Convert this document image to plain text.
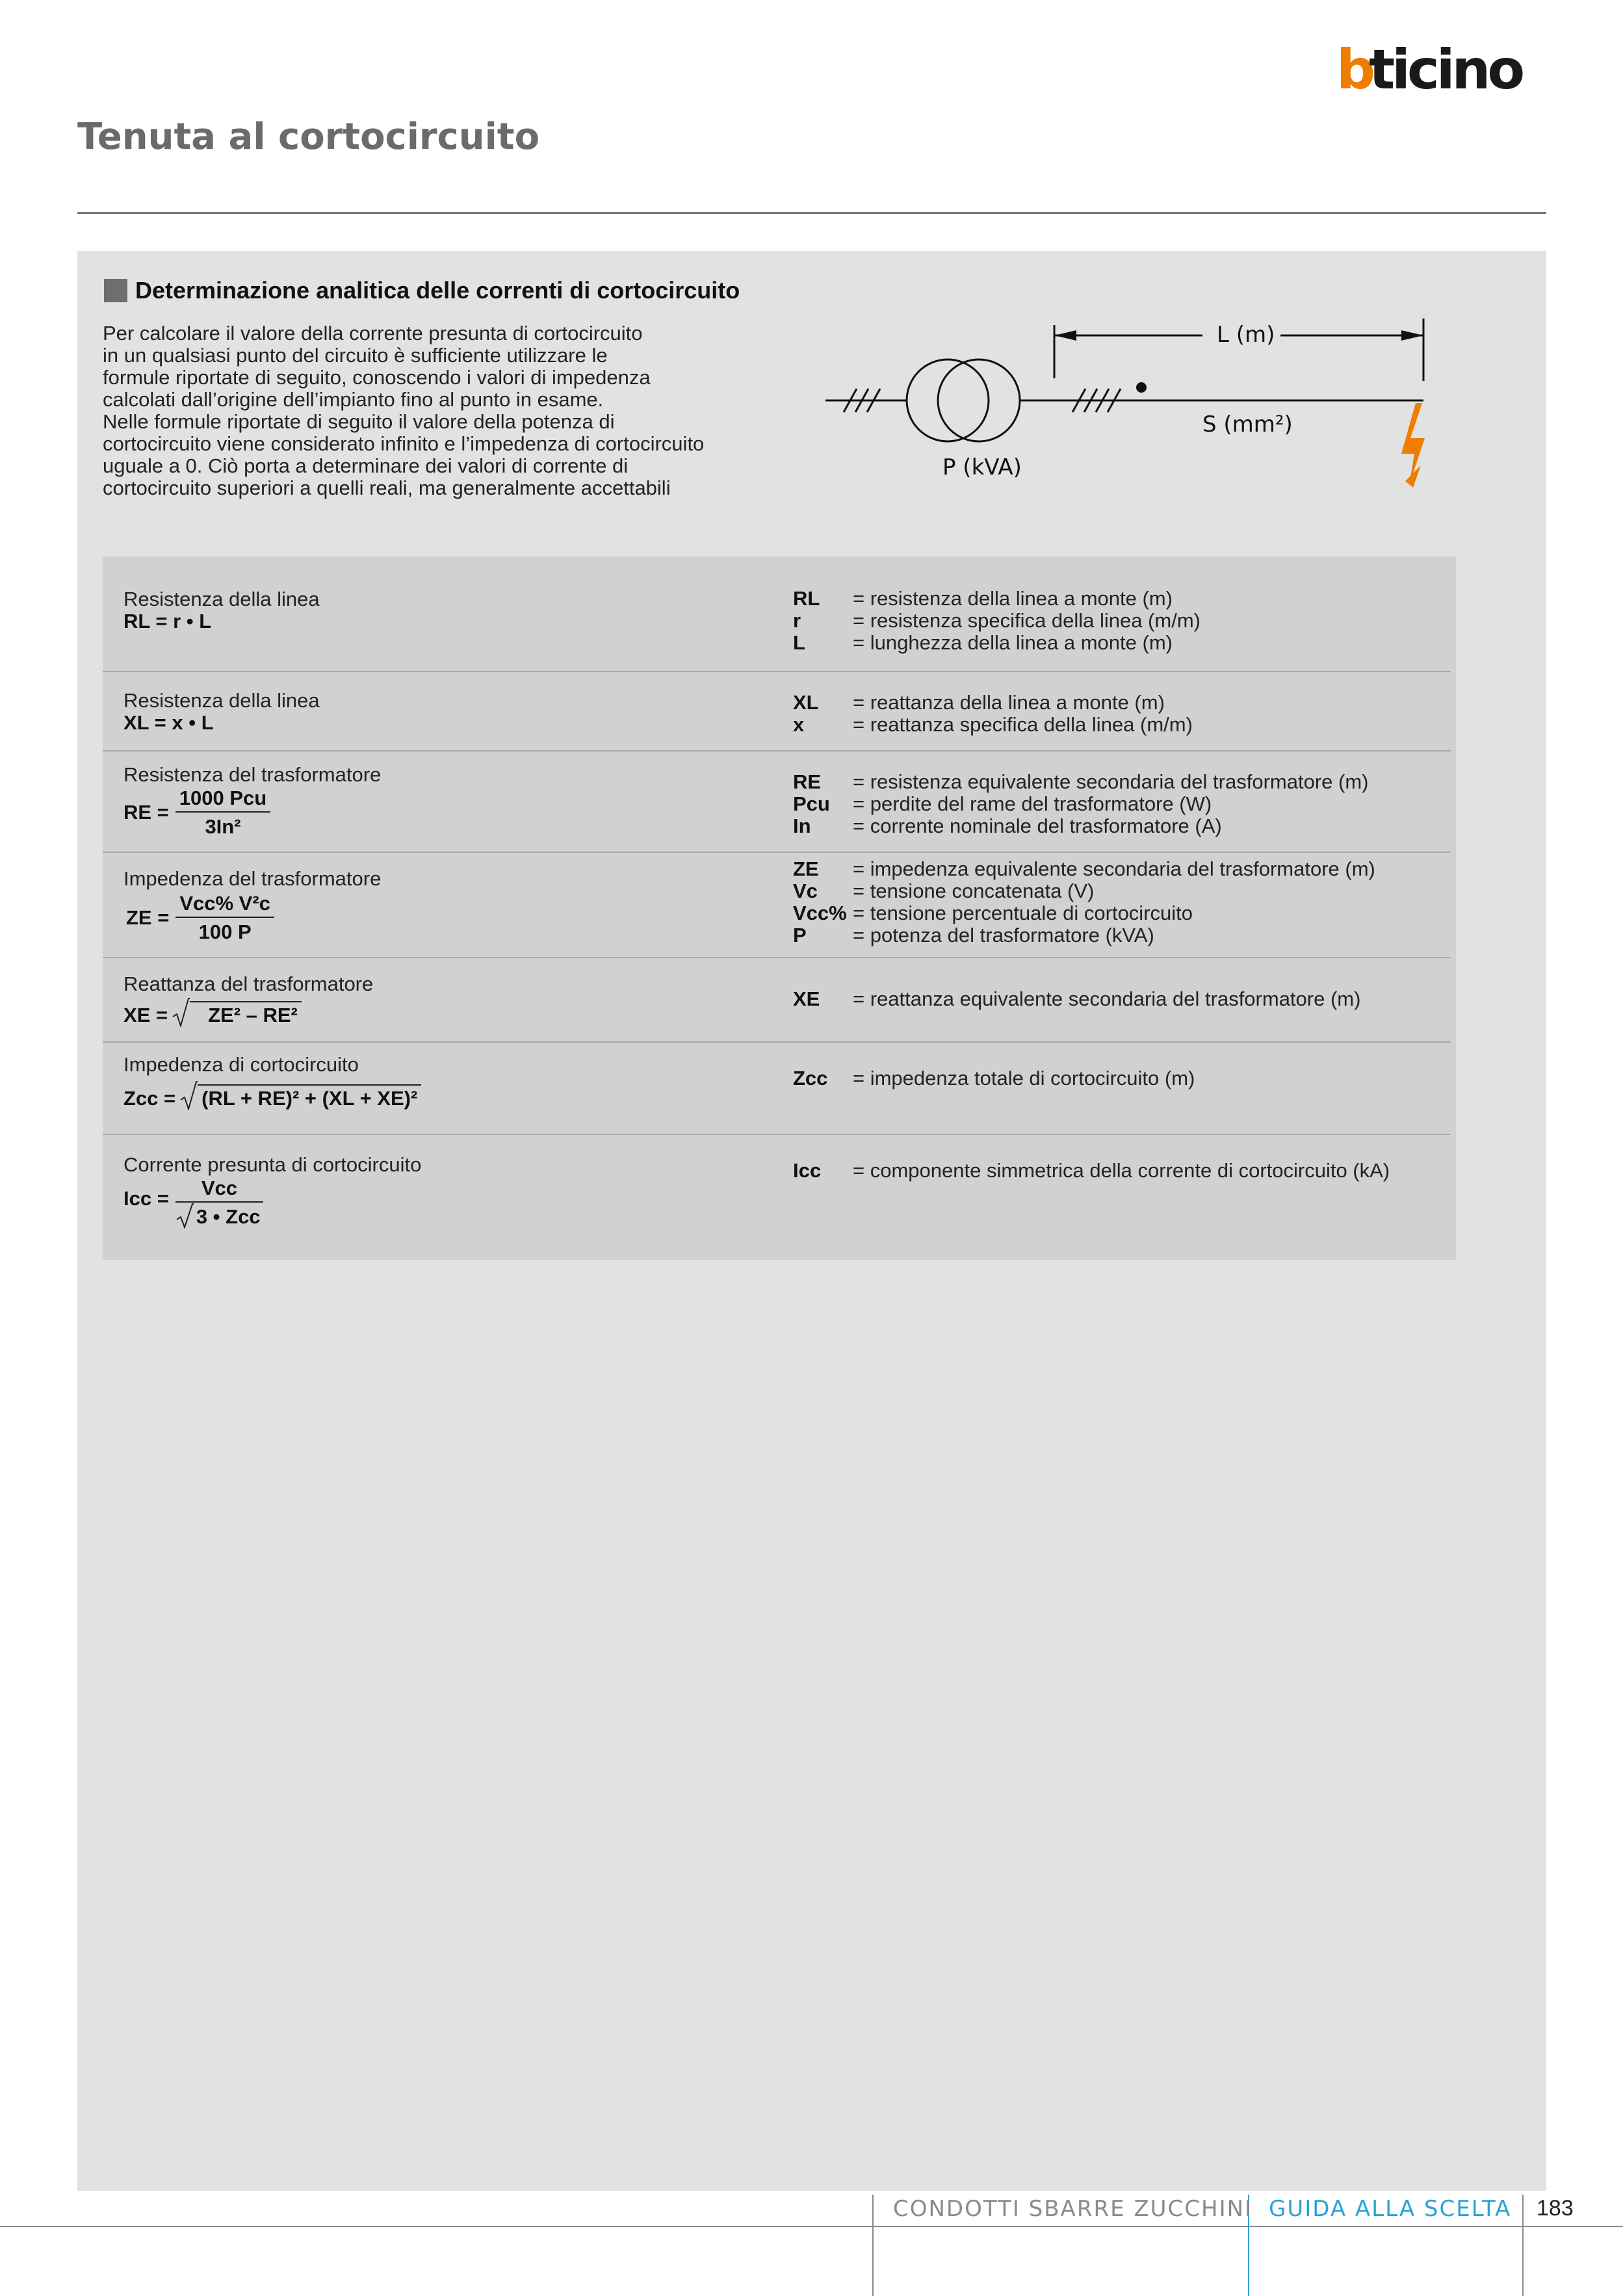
b
ticino
Tenuta al cortocircuito
Determinazione analitica delle correnti di cortocircuito

Per calcolare il valore della corrente presunta di cortocircuito

in un qualsiasi punto del circuito è sufficiente utilizzare le

formule riportate di seguito, conoscendo i valori di impedenza

calcolati dall’origine dell’impianto fino al punto in esame.

Nelle formule riportate di seguito il valore della potenza di

cortocircuito viene considerato infinito e l’impedenza di cortocircuito

uguale a 0. Ciò porta a determinare dei valori di corrente di

cortocircuito superiori a quelli reali, ma generalmente accettabili

L (m)
S (mm²)
P (kVA)
Resistenza della linea
RL = r • L
RL	= resistenza della linea a monte (m)
r	= resistenza specifica della linea (m/m)
L	= lunghezza della linea a monte (m)
Resistenza della linea
XL = x • L
XL	= reattanza della linea a monte (m)
x	= reattanza specifica della linea (m/m)
Resistenza del trasformatore
RE = $\frac{\text{1000 Pcu}}{\text{3In²}}$
RE	= resistenza equivalente secondaria del trasformatore (m)
Pcu	= perdite del rame del trasformatore (W)
In	= corrente nominale del trasformatore (A)
Impedenza del trasformatore
ZE = $\frac{\text{Vcc\% V²c}}{100 P}$
ZE	= impedenza equivalente secondaria del trasformatore (m)
Vc	= tensione concatenata (V)
Vcc% = tensione percentuale di cortocircuito
P	= potenza del trasformatore (kVA)
Reattanza del trasformatore
XE =	ZE² – RE²
XE	= reattanza equivalente secondaria del trasformatore (m)
Impedenza di cortocircuito
Zcc = (RL + RE)² + (XL + XE)²
Zcc	= impedenza totale di cortocircuito (m)
Corrente presunta di cortocircuito
Icc = $\frac{\text{Vcc}}{\text{3 • Zcc}}$
Icc	= componente simmetrica della corrente di cortocircuito (kA)
CONDOTTI SBARRE ZUCCHINI GUIDA ALLA SCELTA 183
